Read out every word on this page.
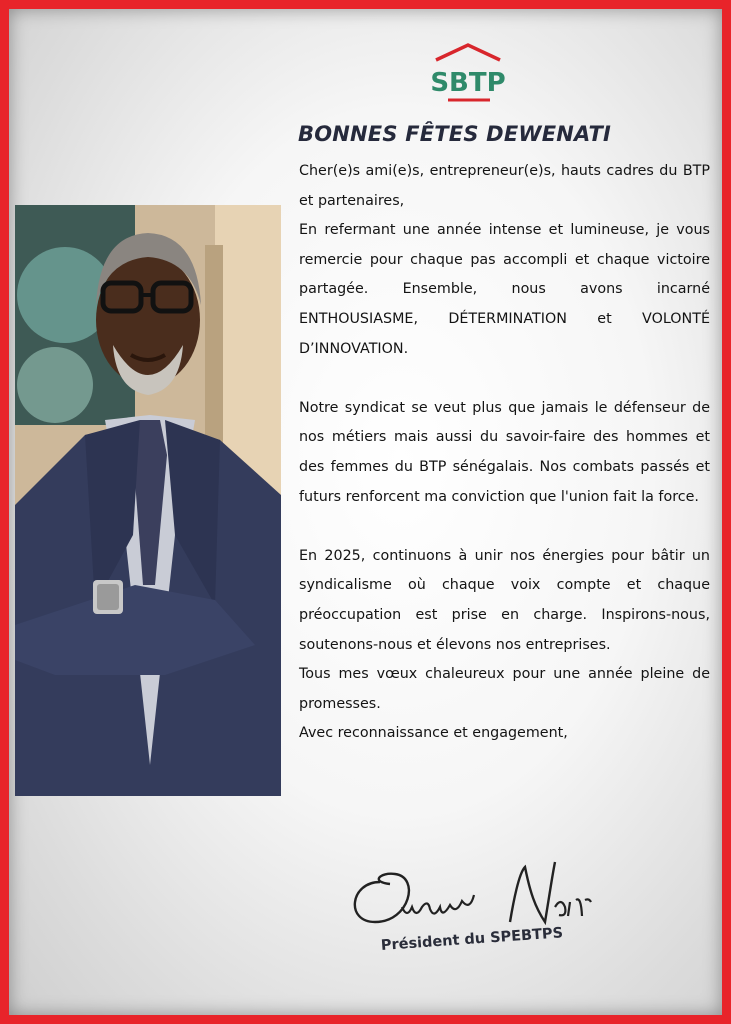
SBTP
BONNES FÊTES DEWENATI

Cher(e)s ami(e)s, entrepreneur(e)s, hauts cadres du BTP et partenaires,

En refermant une année intense et lumineuse, je vous remercie pour chaque pas accompli et chaque victoire partagée. Ensemble, nous avons incarné ENTHOUSIASME, DÉTERMINATION et VOLONTÉ D’INNOVATION.

Notre syndicat se veut plus que jamais le défenseur de nos métiers mais aussi du savoir-faire des hommes et des femmes du BTP sénégalais. Nos combats passés et futurs renforcent ma conviction que l'union fait la force.

En 2025, continuons à unir nos énergies pour bâtir un syndicalisme où chaque voix compte et chaque préoccupation est prise en charge. Inspirons-nous, soutenons-nous et élevons nos entreprises.

Tous mes vœux chaleureux pour une année pleine de promesses.

Avec reconnaissance et engagement,

Président du SPEBTPS
